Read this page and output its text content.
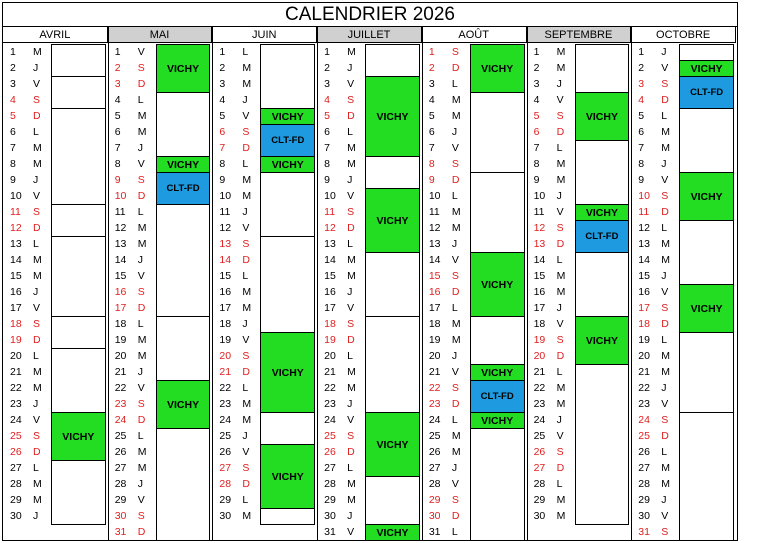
CALENDRIER 2026
AVRIL
1 M
2 J
3 V
4 S
5 D
6 L
7 M
8 M
9 J
10 V
11 S
12 D
13 L
14 M
15 M
16 J
17 V
18 S
19 D
20 L
21 M
22 M
23 J
24 V
25 S
26 D
27 L
28 M
29 M
30 J
VICHY
MAI
1 V
2 S
3 D
4 L
5 M
6 M
7 J
8 V
9 S
10 D
11 L
12 M
13 M
14 J
15 V
16 S
17 D
18 L
19 M
20 M
21 J
22 V
23 S
24 D
25 L
26 M
27 M
28 J
29 V
30 S
31 D
VICHY
VICHY
CLT-FD
VICHY
JUIN
1 L
2 M
3 M
4 J
5 V
6 S
7 D
8 L
9 M
10 M
11 J
12 V
13 S
14 D
15 L
16 M
17 M
18 J
19 V
20 S
21 D
22 L
23 M
24 M
25 J
26 V
27 S
28 D
29 L
30 M
VICHY
CLT-FD
VICHY
VICHY
VICHY
JUILLET
1 M
2 J
3 V
4 S
5 D
6 L
7 M
8 M
9 J
10 V
11 S
12 D
13 L
14 M
15 M
16 J
17 V
18 S
19 D
20 L
21 M
22 M
23 J
24 V
25 S
26 D
27 L
28 M
29 M
30 J
31 V
VICHY
VICHY
VICHY
VICHY
AOÛT
1 S
2 D
3 L
4 M
5 M
6 J
7 V
8 S
9 D
10 L
11 M
12 M
13 J
14 V
15 S
16 D
17 L
18 M
19 M
20 J
21 V
22 S
23 D
24 L
25 M
26 M
27 J
28 V
29 S
30 D
31 L
VICHY
VICHY
VICHY
CLT-FD
VICHY
SEPTEMBRE
1 M
2 M
3 J
4 V
5 S
6 D
7 L
8 M
9 M
10 J
11 V
12 S
13 D
14 L
15 M
16 M
17 J
18 V
19 S
20 D
21 L
22 M
23 M
24 J
25 V
26 S
27 D
28 L
29 M
30 M
VICHY
VICHY
CLT-FD
VICHY
OCTOBRE
1 J
2 V
3 S
4 D
5 L
6 M
7 M
8 J
9 V
10 S
11 D
12 L
13 M
14 M
15 J
16 V
17 S
18 D
19 L
20 M
21 M
22 J
23 V
24 S
25 D
26 L
27 M
28 M
29 J
30 V
31 S
VICHY
CLT-FD
VICHY
VICHY
